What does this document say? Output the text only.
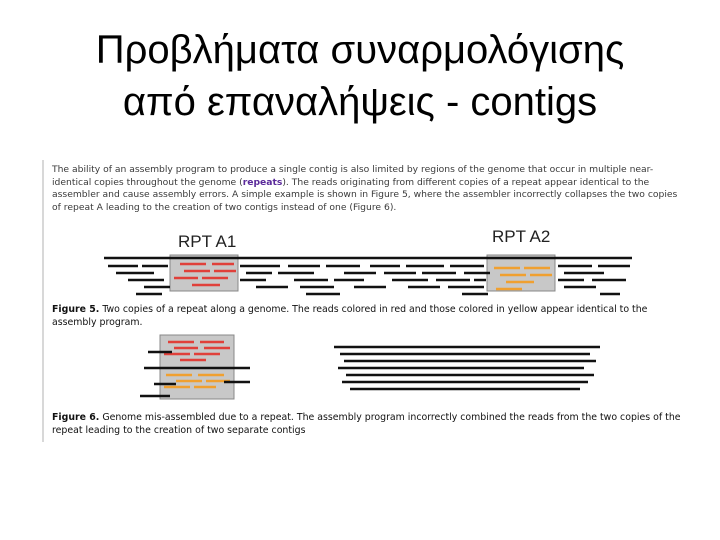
Προβλήματα συναρμολόγισης
από επαναλήψεις - contigs
The ability of an assembly program to produce a single contig is also limited by regions of the genome that occur in multiple near-identical copies throughout the genome (repeats). The reads originating from different copies of a repeat appear identical to the assembler and cause assembly errors. A simple example is shown in Figure 5, where the assembler incorrectly collapses the two copies of repeat A leading to the creation of two contigs instead of one (Figure 6).
RPT A1	RPT A2
Figure 5. Two copies of a repeat along a genome. The reads colored in red and those colored in yellow appear identical to the assembly program.
Figure 6. Genome mis-assembled due to a repeat. The assembly program incorrectly combined the reads from the two copies of the repeat leading to the creation of two separate contigs
